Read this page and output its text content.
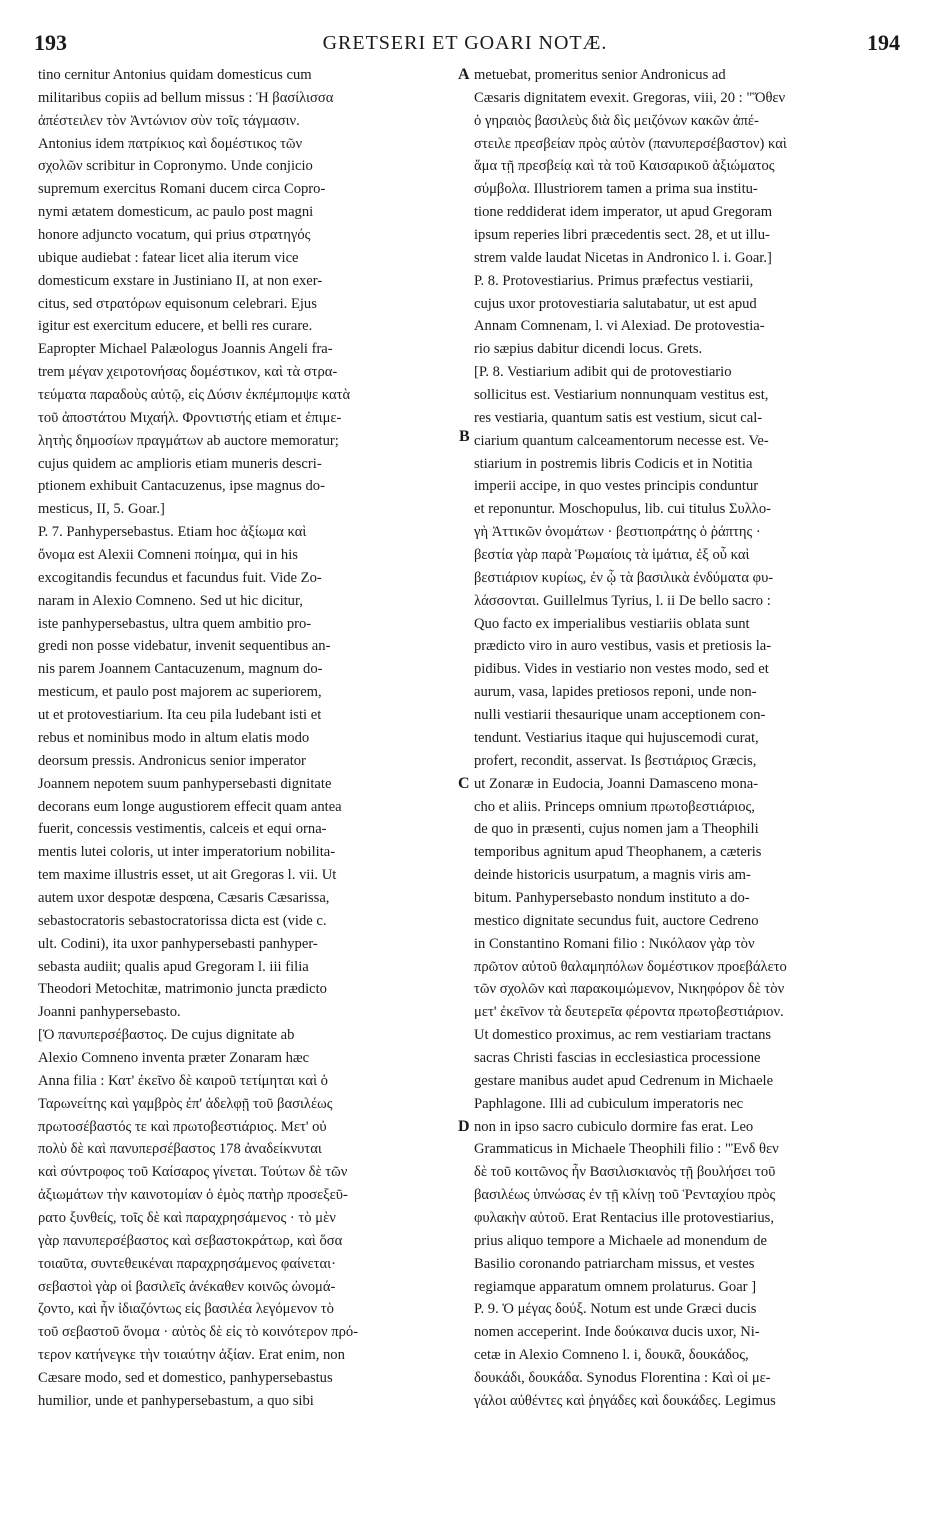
193	GRETSERI ET GOARI NOTÆ.	194
tino cernitur Antonius quidam domesticus cum
militaribus copiis ad bellum missus : Ἡ βασίλισσα
ἀπέστειλεν τὸν Ἀντώνιον σὺν τοῖς τάγμασιν.
Antonius idem πατρίκιος καὶ δομέστικος τῶν
σχολῶν scribitur in Copronymo. Unde conjicio
supremum exercitus Romani ducem circa Copro-
nymi ætatem domesticum, ac paulo post magni
honore adjuncto vocatum, qui prius στρατηγός
ubique audiebat : fatear licet alia iterum vice
domesticum exstare in Justiniano II, at non exer-
citus, sed στρατόρων equisonum celebrari. Ejus
igitur est exercitum educere, et belli res curare.
Eapropter Michael Palæologus Joannis Angeli fra-
trem μέγαν χειροτονήσας δομέστικον, καὶ τὰ στρα-
τεύματα παραδοὺς αὐτῷ, εἰς Δύσιν ἐκπέμπομψε κατὰ
τοῦ ἀποστάτου Μιχαήλ. Φροντιστής etiam et ἐπιμε-
λητὴς δημοσίων πραγμάτων ab auctore memoratur;
cujus quidem ac amplioris etiam muneris descri-
ptionem exhibuit Cantacuzenus, ipse magnus do-
mesticus, II, 5. Goar.]
P. 7. Panhypersebastus. Etiam hoc ἀξίωμα καὶ
ὄνομα est Alexii Comneni ποίημα, qui in his
excogitandis fecundus et facundus fuit. Vide Zo-
naram in Alexio Comneno. Sed ut hic dicitur,
iste panhypersebastus, ultra quem ambitio pro-
gredi non posse videbatur, invenit sequentibus an-
nis parem Joannem Cantacuzenum, magnum do-
mesticum, et paulo post majorem ac superiorem,
ut et protovestiarium. Ita ceu pila ludebant isti et
rebus et nominibus modo in altum elatis modo
deorsum pressis. Andronicus senior imperator
Joannem nepotem suum panhypersebasti dignitate
decorans eum longe augustiorem effecit quam antea
fuerit, concessis vestimentis, calceis et equi orna-
mentis lutei coloris, ut inter imperatorium nobilita-
tem maxime illustris esset, ut ait Gregoras l. vii. Ut
autem uxor despotæ despœna, Cæsaris Cæsarissa,
sebastocratoris sebastocratorissa dicta est (vide c.
ult. Codini), ita uxor panhypersebasti panhyper-
sebasta audiit; qualis apud Gregoram l. iii filia
Theodori Metochitæ, matrimonio juncta prædicto
Joanni panhypersebasto.
[Ὁ πανυπερσέβαστος. De cujus dignitate ab
Alexio Comneno inventa præter Zonaram hæc
Anna filia : Κατ' ἐκεῖνο δὲ καιροῦ τετίμηται καὶ ὁ
Ταρωνείτης καὶ γαμβρὸς ἐπ' ἀδελφῇ τοῦ βασιλέως
πρωτοσέβαστός τε καὶ πρωτοβεστιάριος. Μετ' οὐ
πολὺ δὲ καὶ πανυπερσέβαστος 178 ἀναδείκνυται
καὶ σύντροφος τοῦ Καίσαρος γίνεται. Τούτων δὲ τῶν
ἀξιωμάτων τὴν καινοτομίαν ὁ ἐμὸς πατὴρ προσεξεῦ-
ρατο ξυνθείς, τοῖς δὲ καὶ παραχρησάμενος · τὸ μὲν
γὰρ πανυπερσέβαστος καὶ σεβαστοκράτωρ, καὶ ὅσα
τοιαῦτα, συντεθεικέναι παραχρησάμενος φαίνεται·
σεβαστοὶ γὰρ οἱ βασιλεῖς ἀνέκαθεν κοινῶς ὠνομά-
ζοντο, καὶ ἦν ἰδιαζόντως εἰς βασιλέα λεγόμενον τὸ
τοῦ σεβαστοῦ ὄνομα · αὐτὸς δὲ εἰς τὸ κοινότερον πρό-
τερον κατήνεγκε τὴν τοιαύτην ἀξίαν. Erat enim, non
Cæsare modo, sed et domestico, panhypersebastus
humilior, unde et panhypersebastum, a quo sibi
metuebat, promeritus senior Andronicus ad
Cæsaris dignitatem evexit. Gregoras, viii, 20 : "Ὅθεν
ὁ γηραιὸς βασιλεὺς διὰ δὶς μειζόνων κακῶν ἀπέ-
στειλε πρεσβείαν πρὸς αὐτὸν (πανυπερσέβαστον) καὶ
ἅμα τῇ πρεσβείᾳ καὶ τὰ τοῦ Καισαρικοῦ ἀξιώματος
σύμβολα. Illustriorem tamen a prima sua institu-
tione reddiderat idem imperator, ut apud Gregoram
ipsum reperies libri præcedentis sect. 28, et ut illu-
strem valde laudat Nicetas in Andronico l. i. Goar.]
P. 8. Protovestiarius. Primus præfectus vestiarii,
cujus uxor protovestiaria salutabatur, ut est apud
Annam Comnenam, l. vi Alexiad. De protovestia-
rio sæpius dabitur dicendi locus. Grets.
[P. 8. Vestiarium adibit qui de protovestiario
sollicitus est. Vestiarium nonnunquam vestitus est,
res vestiaria, quantum satis est vestium, sicut cal-
ciarium quantum calceamentorum necesse est. Ve-
stiarium in postremis libris Codicis et in Notitia
imperii accipe, in quo vestes principis conduntur
et reponuntur. Moschopulus, lib. cui titulus Συλλο-
γὴ Ἀττικῶν ὀνομάτων · βεστιοπράτης ὁ ῥάπτης ·
βεστία γὰρ παρὰ Ῥωμαίοις τὰ ἱμάτια, ἐξ οὗ καὶ
βεστιάριον κυρίως, ἐν ᾧ τὰ βασιλικὰ ἐνδύματα φυ-
λάσσονται. Guillelmus Tyrius, l. ii De bello sacro :
Quo facto ex imperialibus vestiariis oblata sunt
prædicto viro in auro vestibus, vasis et pretiosis la-
pidibus. Vides in vestiario non vestes modo, sed et
aurum, vasa, lapides pretiosos reponi, unde non-
nulli vestiarii thesaurique unam acceptionem con-
tendunt. Vestiarius itaque qui hujuscemodi curat,
profert, recondit, asservat. Is βεστιάριος Græcis,
ut Zonaræ in Eudocia, Joanni Damasceno mona-
cho et aliis. Princeps omnium πρωτοβεστιάριος,
de quo in præsenti, cujus nomen jam a Theophili
temporibus agnitum apud Theophanem, a cæteris
deinde historicis usurpatum, a magnis viris am-
bitum. Panhypersebasto nondum instituto a do-
mestico dignitate secundus fuit, auctore Cedreno
in Constantino Romani filio : Νικόλαον γὰρ τὸν
πρῶτον αὐτοῦ θαλαμηπόλων δομέστικον προεβάλετο
τῶν σχολῶν καὶ παρακοιμώμενον, Νικηφόρον δὲ τὸν
μετ' ἐκεῖνον τὰ δευτερεῖα φέροντα πρωτοβεστιάριον.
Ut domestico proximus, ac rem vestiariam tractans
sacras Christi fascias in ecclesiastica processione
gestare manibus audet apud Cedrenum in Michaele
Paphlagone. Illi ad cubiculum imperatoris nec
non in ipso sacro cubiculo dormire fas erat. Leo
Grammaticus in Michaele Theophili filio : "Ἐνδ θεν
δὲ τοῦ κοιτῶνος ἦν Βασιλισκιανὸς τῇ βουλήσει τοῦ
βασιλέως ὑπνώσας ἐν τῇ κλίνῃ τοῦ Ῥενταχίου πρὸς
φυλακὴν αὐτοῦ. Erat Rentacius ille protovestiarius,
prius aliquo tempore a Michaele ad monendum de
Basilio coronando patriarcham missus, et vestes
regiamque apparatum omnem prolaturus. Goar ]
P. 9. Ὁ μέγας δούξ. Notum est unde Græci ducis
nomen acceperint. Inde δούκαινα ducis uxor, Ni-
cetæ in Alexio Comneno l. i, δουκᾶ, δουκάδος,
δουκάδι, δουκάδα. Synodus Florentina : Καὶ οἱ με-
γάλοι αὐθέντες καὶ ῥηγάδες καὶ δουκάδες. Legimus
A
B
C
D
